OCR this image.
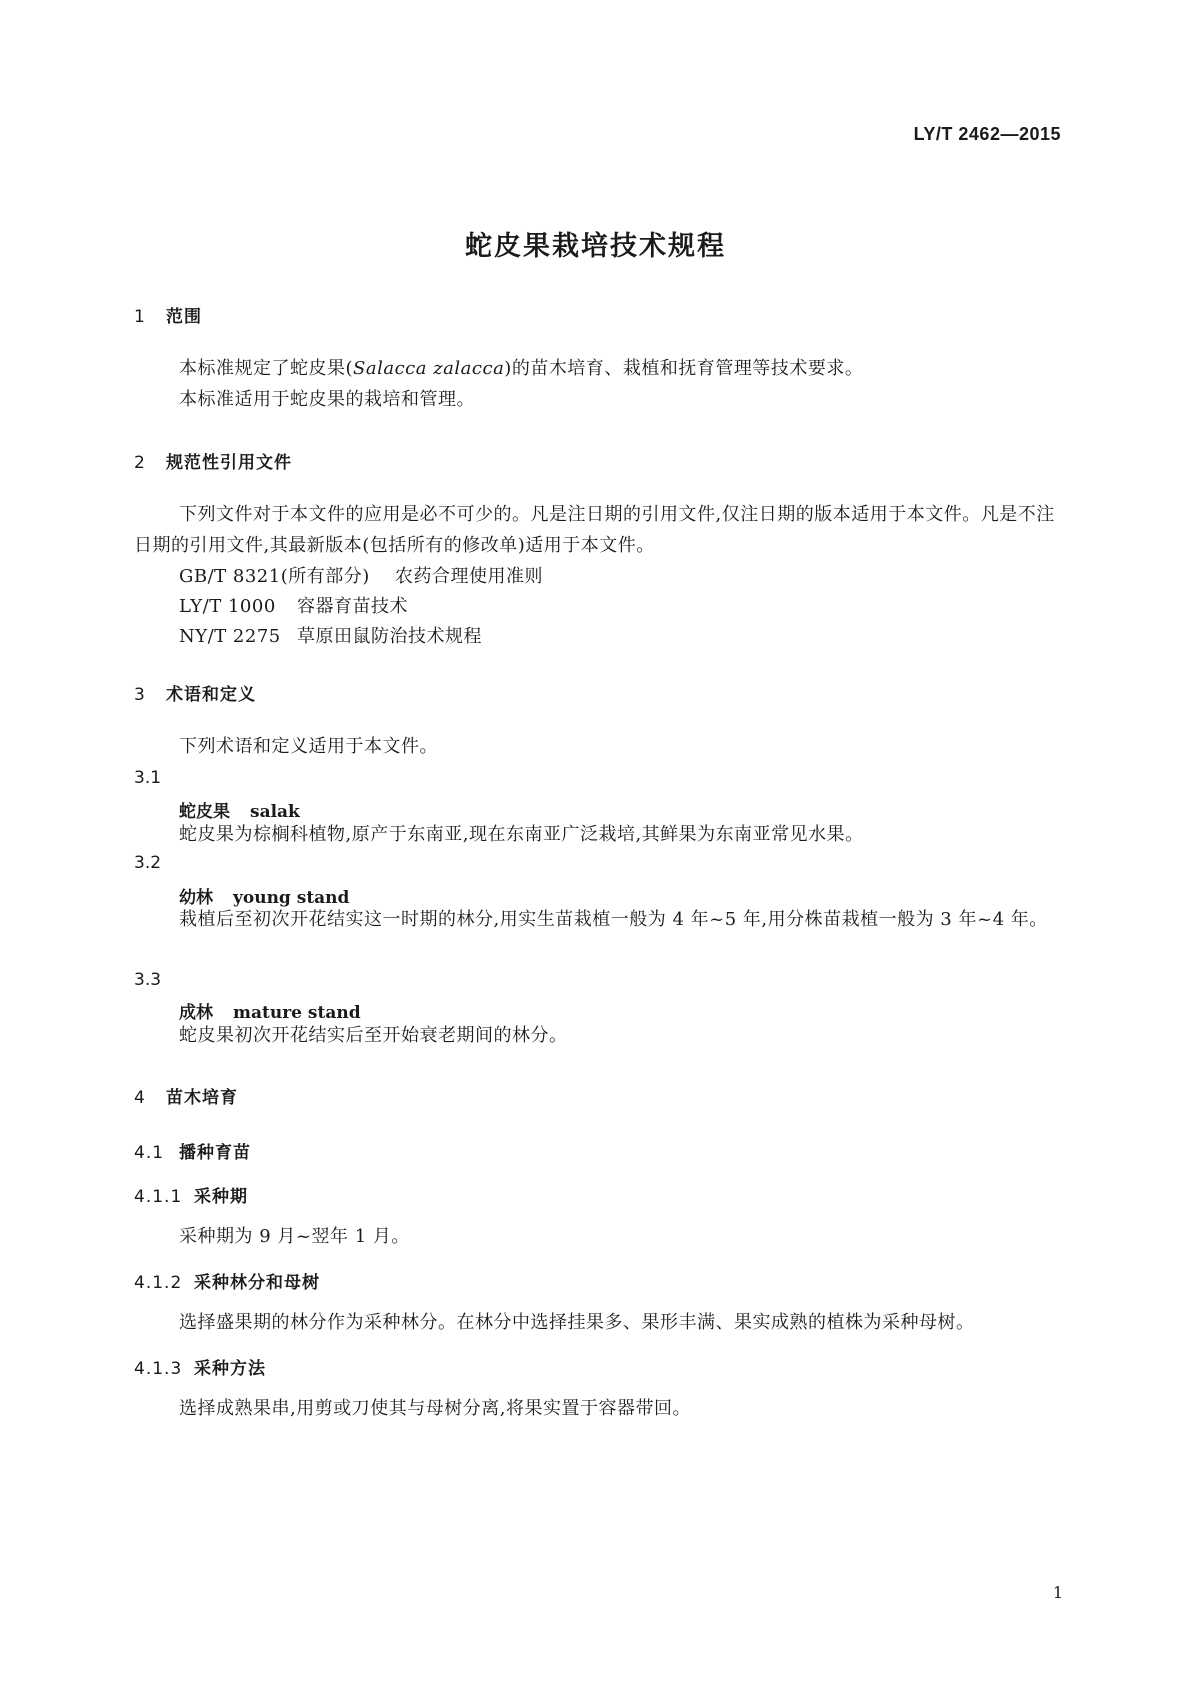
LY/T 2462—2015
蛇皮果栽培技术规程
1 范围

本标准规定了蛇皮果(Salacca zalacca)的苗木培育、栽植和抚育管理等技术要求。

本标准适用于蛇皮果的栽培和管理。

2 规范性引用文件

下列文件对于本文件的应用是必不可少的。凡是注日期的引用文件,仅注日期的版本适用于本文件。凡是不注日期的引用文件,其最新版本(包括所有的修改单)适用于本文件。

GB/T 8321(所有部分) 农药合理使用准则
LY/T 1000 容器育苗技术
NY/T 2275 草原田鼠防治技术规程
3 术语和定义

下列术语和定义适用于本文件。

3.1
蛇皮果 salak

蛇皮果为棕榈科植物,原产于东南亚,现在东南亚广泛栽培,其鲜果为东南亚常见水果。

3.2
幼林 young stand

栽植后至初次开花结实这一时期的林分,用实生苗栽植一般为 4 年~5 年,用分株苗栽植一般为 3 年~4 年。

3.3
成林 mature stand

蛇皮果初次开花结实后至开始衰老期间的林分。

4 苗木培育
4.1 播种育苗
4.1.1 采种期

采种期为 9 月~翌年 1 月。

4.1.2 采种林分和母树

选择盛果期的林分作为采种林分。在林分中选择挂果多、果形丰满、果实成熟的植株为采种母树。

4.1.3 采种方法

选择成熟果串,用剪或刀使其与母树分离,将果实置于容器带回。

1
